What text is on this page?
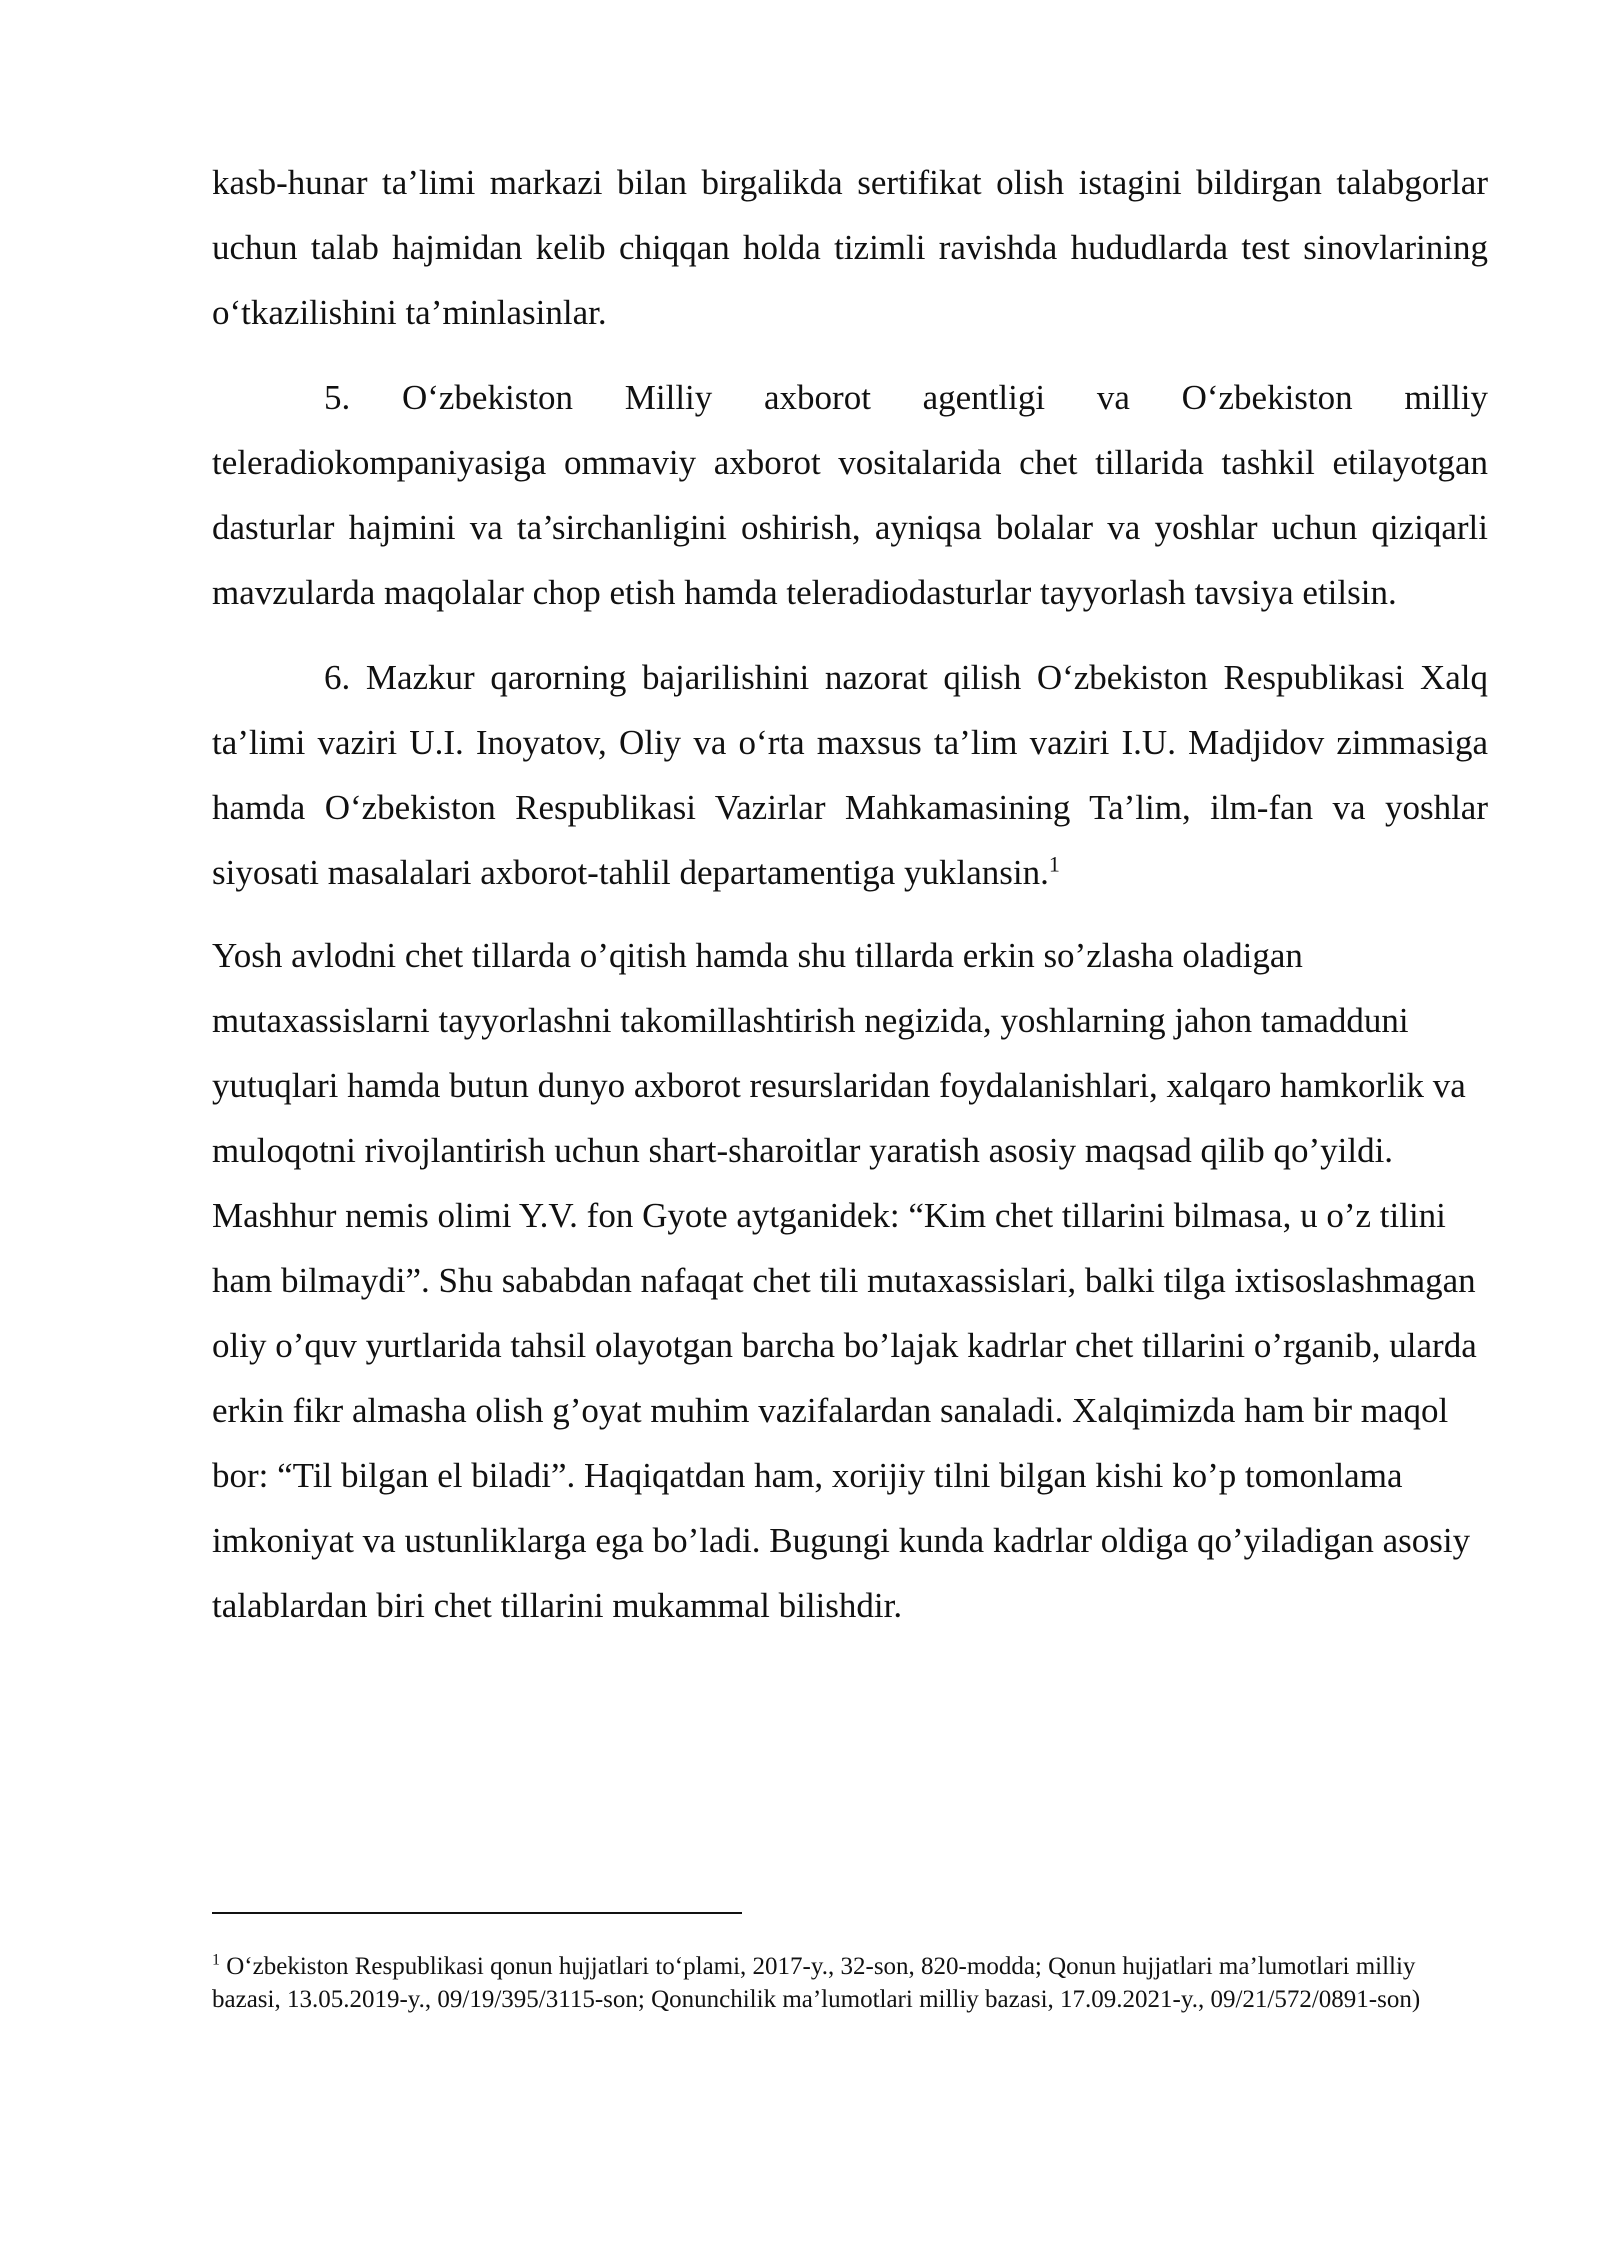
kasb-hunar ta’limi markazi bilan birgalikda sertifikat olish istagini bildirgan talabgorlar uchun talab hajmidan kelib chiqqan holda tizimli ravishda hududlarda test sinovlarining o‘tkazilishini ta’minlasinlar.

5. O‘zbekiston Milliy axborot agentligi va O‘zbekiston milliy teleradiokompaniyasiga ommaviy axborot vositalarida chet tillarida tashkil etilayotgan dasturlar hajmini va ta’sirchanligini oshirish, ayniqsa bolalar va yoshlar uchun qiziqarli mavzularda maqolalar chop etish hamda teleradiodasturlar tayyorlash tavsiya etilsin.

6. Mazkur qarorning bajarilishini nazorat qilish O‘zbekiston Respublikasi Xalq ta’limi vaziri U.I. Inoyatov, Oliy va o‘rta maxsus ta’lim vaziri I.U. Madjidov zimmasiga hamda O‘zbekiston Respublikasi Vazirlar Mahkamasining Ta’lim, ilm-fan va yoshlar siyosati masalalari axborot-tahlil departamentiga yuklansin.$^1$

Yosh avlodni chet tillarda o’qitish hamda shu tillarda erkin so’zlasha oladigan mutaxassislarni tayyorlashni takomillashtirish negizida, yoshlarning jahon tamadduni yutuqlari hamda butun dunyo axborot resurslaridan foydalanishlari, xalqaro hamkorlik va muloqotni rivojlantirish uchun shart-sharoitlar yaratish asosiy maqsad qilib qo’yildi. Mashhur nemis olimi Y.V. fon Gyote aytganidek: “Kim chet tillarini bilmasa, u o’z tilini ham bilmaydi”. Shu sababdan nafaqat chet tili mutaxassislari, balki tilga ixtisoslashmagan oliy o’quv yurtlarida tahsil olayotgan barcha bo’lajak kadrlar chet tillarini o’rganib, ularda erkin fikr almasha olish g’oyat muhim vazifalardan sanaladi. Xalqimizda ham bir maqol bor: “Til bilgan el biladi”. Haqiqatdan ham, xorijiy tilni bilgan kishi ko’p tomonlama imkoniyat va ustunliklarga ega bo’ladi. Bugungi kunda kadrlar oldiga qo’yiladigan asosiy talablardan biri chet tillarini mukammal bilishdir.

$^1$ O‘zbekiston Respublikasi qonun hujjatlari to‘plami, 2017-y., 32-son, 820-modda; Qonun hujjatlari ma’lumotlari milliy bazasi, 13.05.2019-y., 09/19/395/3115-son; Qonunchilik ma’lumotlari milliy bazasi, 17.09.2021-y., 09/21/572/0891-son)
